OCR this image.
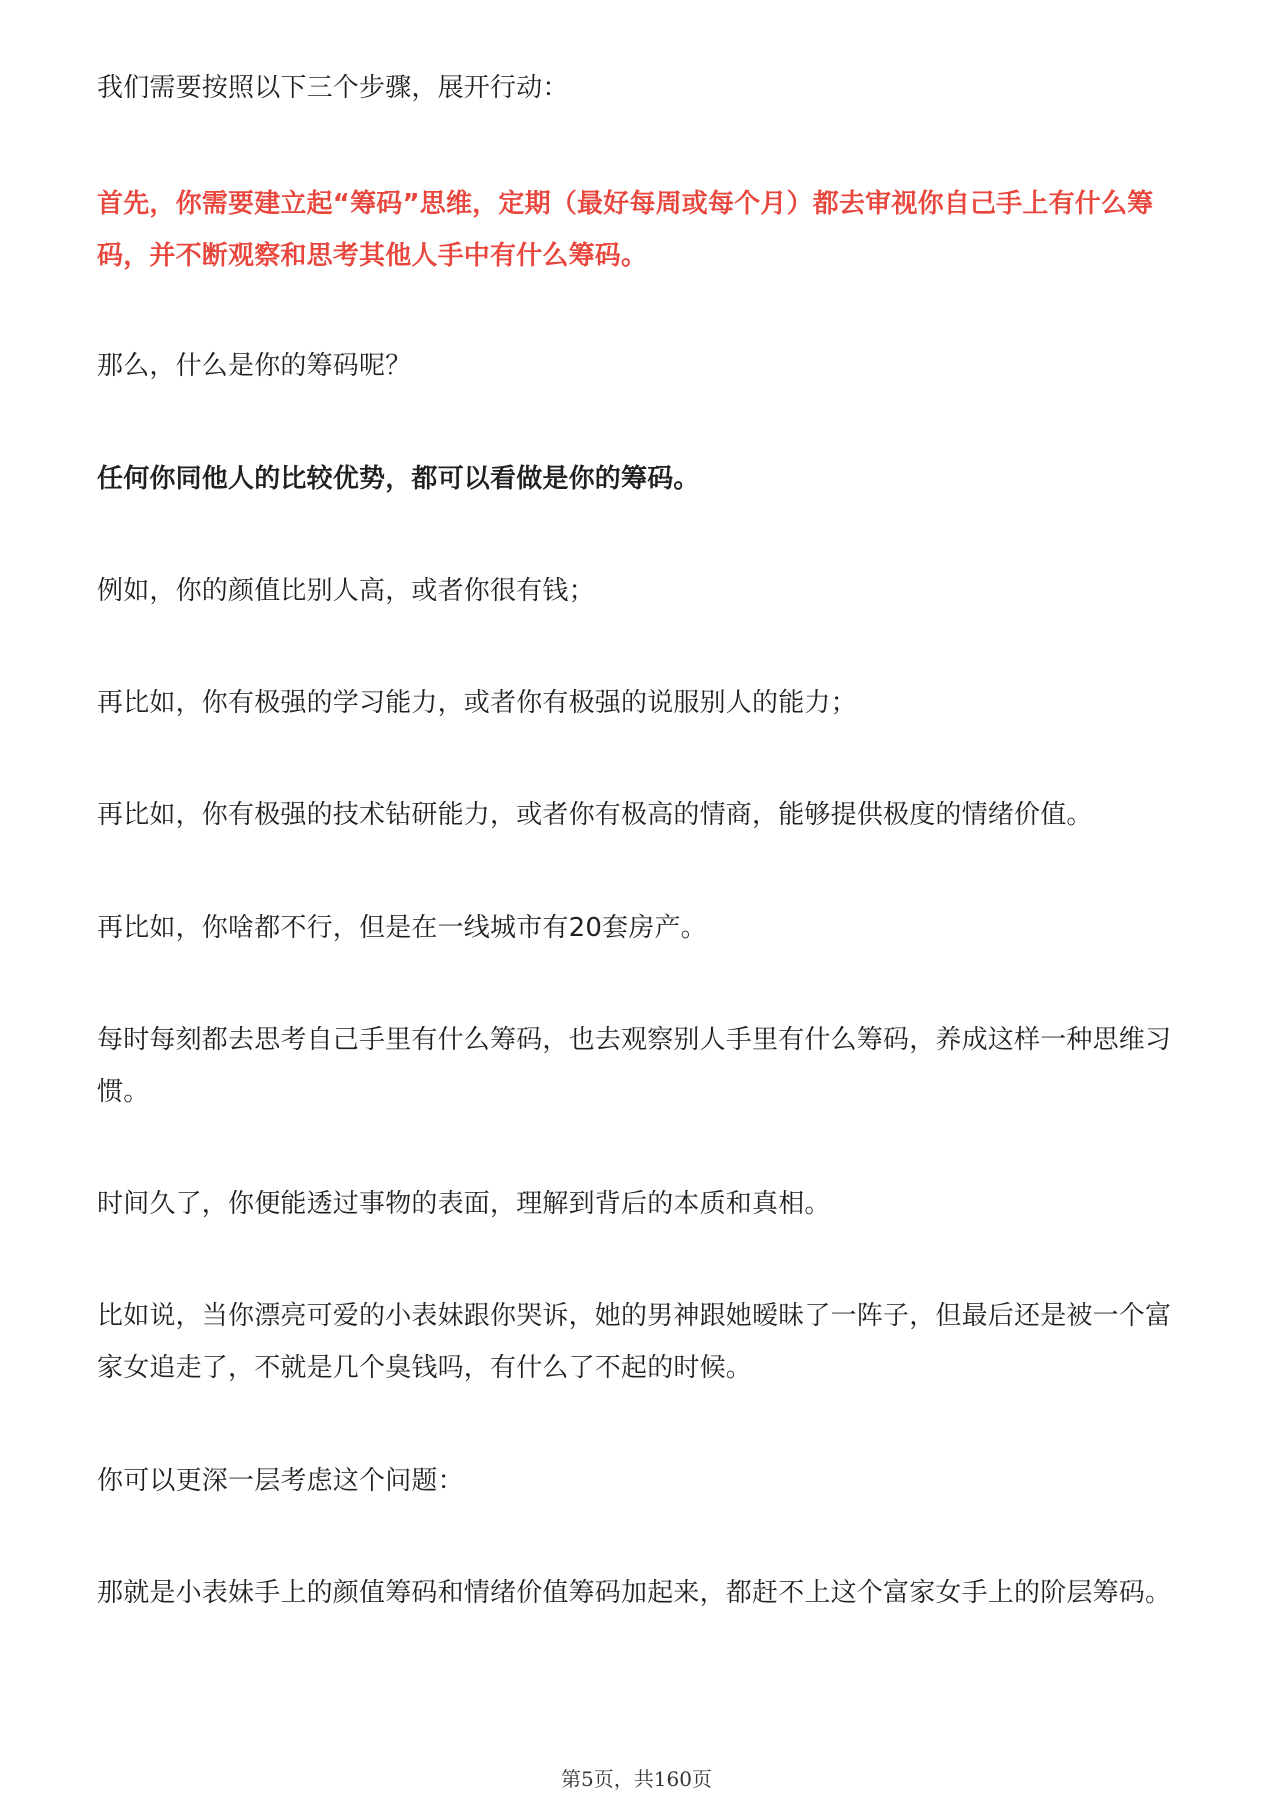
我们需要按照以下三个步骤，展开行动：

首先，你需要建立起“筹码”思维，定期（最好每周或每个月）都去审视你自己手上有什么筹码，并不断观察和思考其他人手中有什么筹码。

那么，什么是你的筹码呢？

任何你同他人的比较优势，都可以看做是你的筹码。

例如，你的颜值比别人高，或者你很有钱；

再比如，你有极强的学习能力，或者你有极强的说服别人的能力；

再比如，你有极强的技术钻研能力，或者你有极高的情商，能够提供极度的情绪价值。

再比如，你啥都不行，但是在一线城市有20套房产。

每时每刻都去思考自己手里有什么筹码，也去观察别人手里有什么筹码，养成这样一种思维习惯。

时间久了，你便能透过事物的表面，理解到背后的本质和真相。

比如说，当你漂亮可爱的小表妹跟你哭诉，她的男神跟她暧昧了一阵子，但最后还是被一个富家女追走了，不就是几个臭钱吗，有什么了不起的时候。

你可以更深一层考虑这个问题：

那就是小表妹手上的颜值筹码和情绪价值筹码加起来，都赶不上这个富家女手上的阶层筹码。

第5页，共160页
